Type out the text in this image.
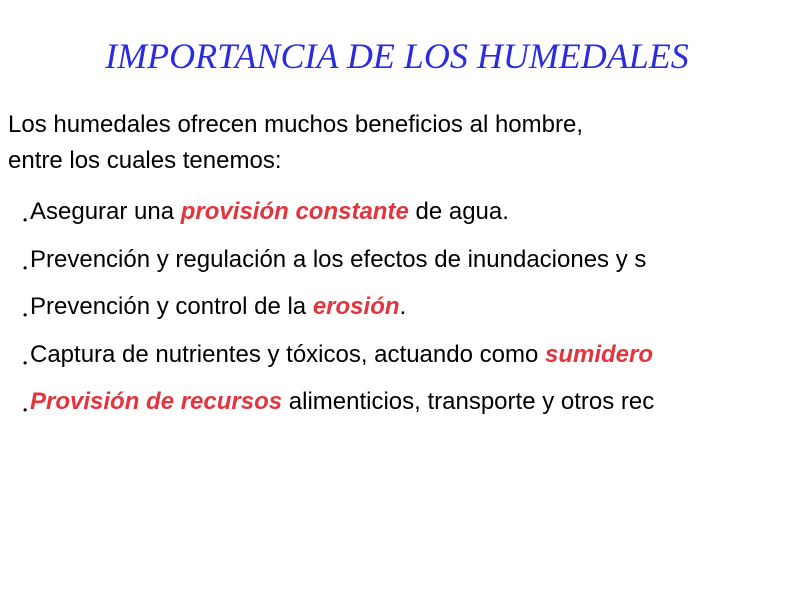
IMPORTANCIA DE LOS HUMEDALES
Los humedales ofrecen muchos beneficios al hombre,
entre los cuales tenemos:
• Asegurar una provisión constante de agua.
• Prevención y regulación a los efectos de inundaciones y s
• Prevención y control de la erosión.
• Captura de nutrientes y tóxicos, actuando como sumidero
• Provisión de recursos alimenticios, transporte y otros rec
